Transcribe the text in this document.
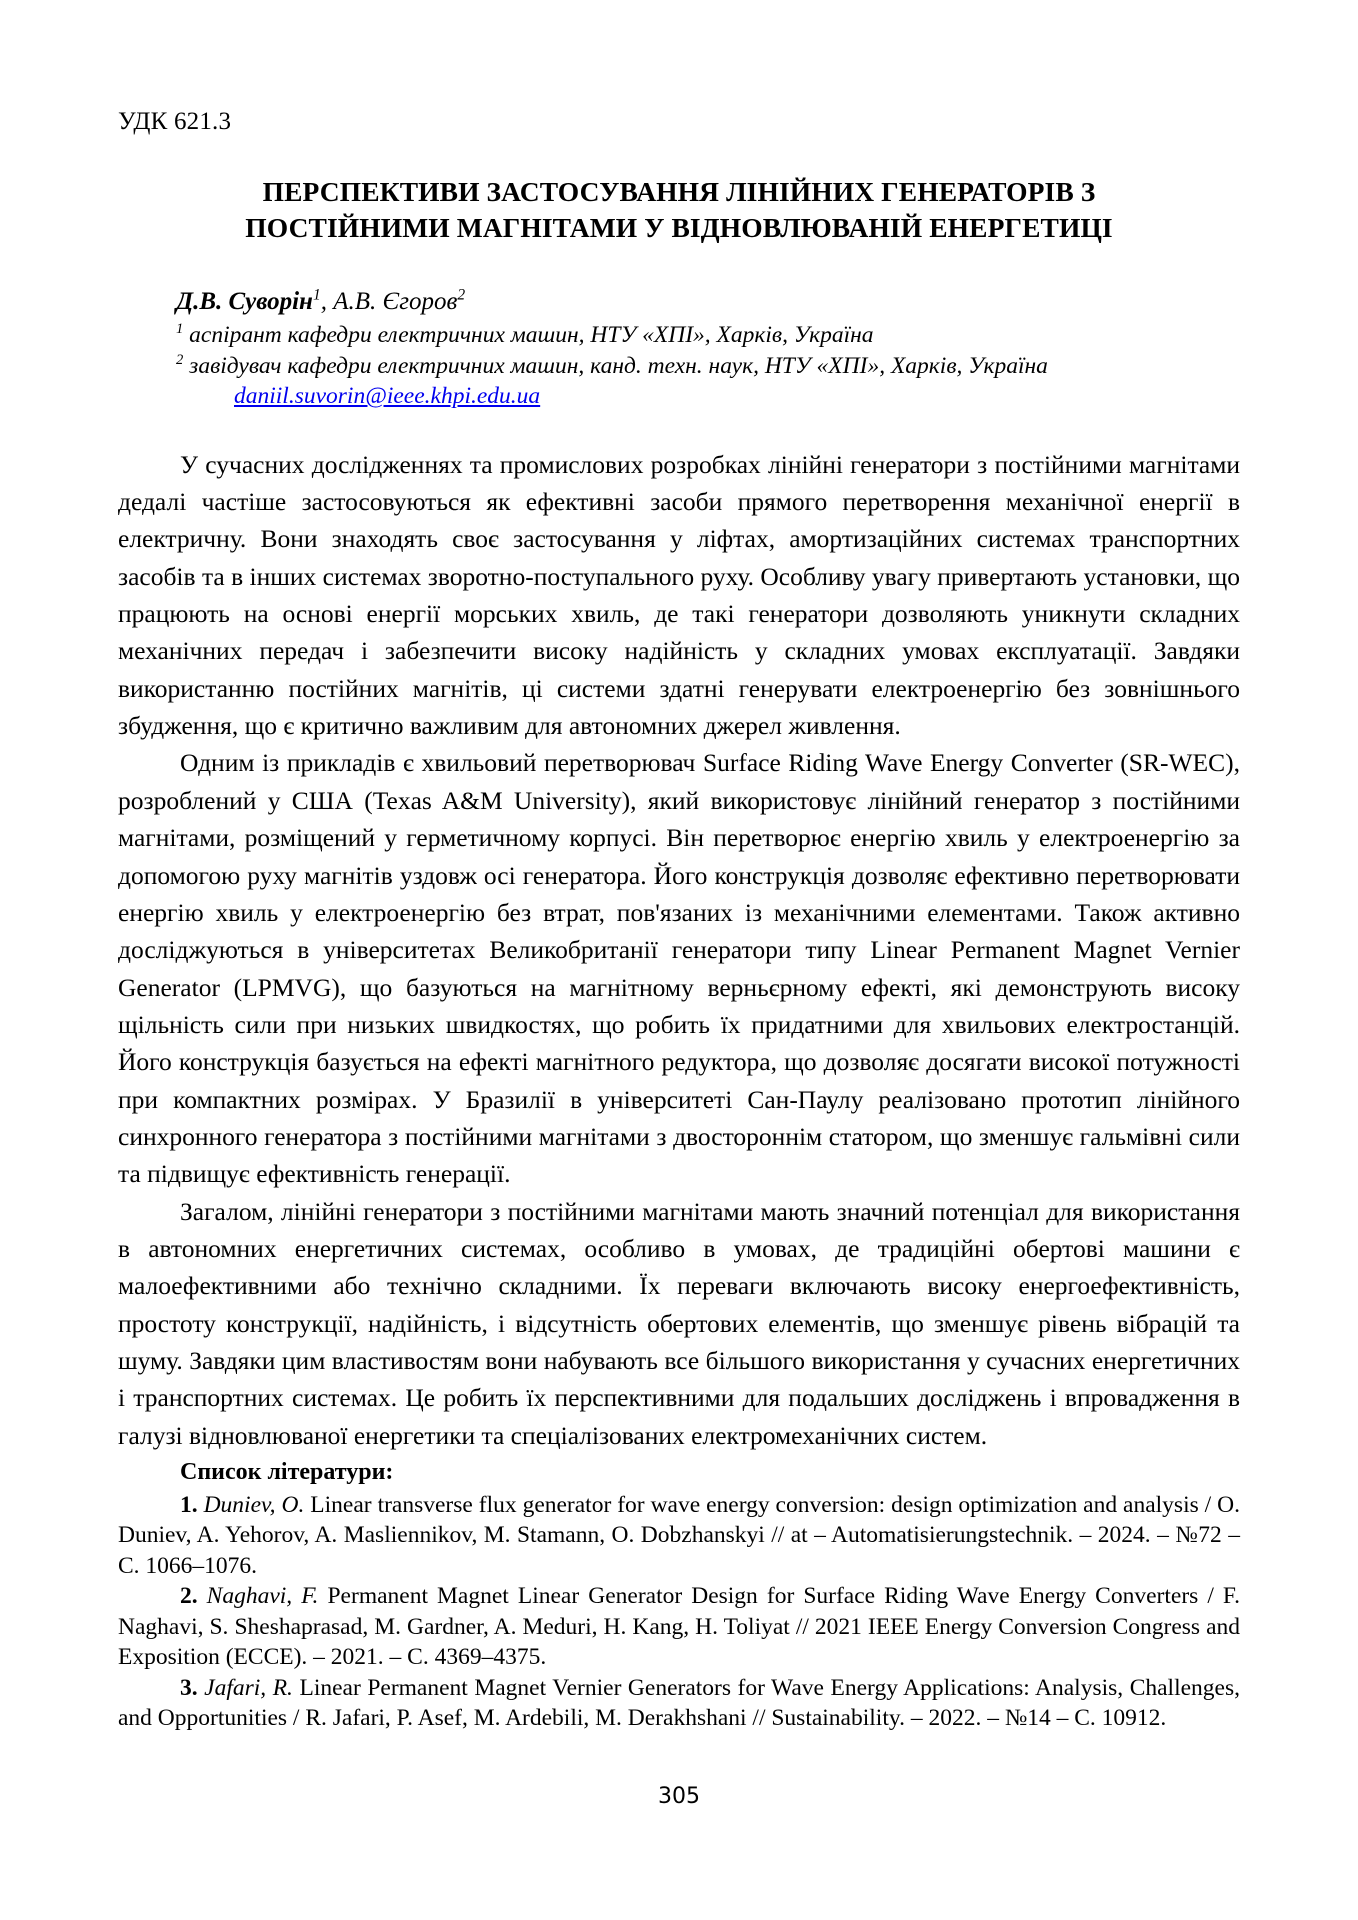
УДК 621.3
ПЕРСПЕКТИВИ ЗАСТОСУВАННЯ ЛІНІЙНИХ ГЕНЕРАТОРІВ З
ПОСТІЙНИМИ МАГНІТАМИ У ВІДНОВЛЮВАНІЙ ЕНЕРГЕТИЦІ
Д.В. Суворін$^1$, А.В. Єгоров$^2$
$^1$ аспірант кафедри електричних машин, НТУ «ХПІ», Харків, Україна
$^2$ завідувач кафедри електричних машин, канд. техн. наук, НТУ «ХПІ», Харків, Україна
daniil.suvorin@ieee.khpi.edu.ua

У сучасних дослідженнях та промислових розробках лінійні генератори з постійними магнітами дедалі частіше застосовуються як ефективні засоби прямого перетворення механічної енергії в електричну. Вони знаходять своє застосування у ліфтах, амортизаційних системах транспортних засобів та в інших системах зворотно-поступального руху. Особливу увагу привертають установки, що працюють на основі енергії морських хвиль, де такі генератори дозволяють уникнути складних механічних передач і забезпечити високу надійність у складних умовах експлуатації. Завдяки використанню постійних магнітів, ці системи здатні генерувати електроенергію без зовнішнього збудження, що є критично важливим для автономних джерел живлення.

Одним із прикладів є хвильовий перетворювач Surface Riding Wave Energy Converter (SR-WEC), розроблений у США (Texas A&M University), який використовує лінійний генератор з постійними магнітами, розміщений у герметичному корпусі. Він перетворює енергію хвиль у електроенергію за допомогою руху магнітів уздовж осі генератора. Його конструкція дозволяє ефективно перетворювати енергію хвиль у електроенергію без втрат, пов'язаних із механічними елементами. Також активно досліджуються в університетах Великобританії генератори типу Linear Permanent Magnet Vernier Generator (LPMVG), що базуються на магнітному верньєрному ефекті, які демонструють високу щільність сили при низьких швидкостях, що робить їх придатними для хвильових електростанцій. Його конструкція базується на ефекті магнітного редуктора, що дозволяє досягати високої потужності при компактних розмірах. У Бразилії в університеті Сан-Паулу реалізовано прототип лінійного синхронного генератора з постійними магнітами з двостороннім статором, що зменшує гальмівні сили та підвищує ефективність генерації.

Загалом, лінійні генератори з постійними магнітами мають значний потенціал для використання в автономних енергетичних системах, особливо в умовах, де традиційні обертові машини є малоефективними або технічно складними. Їх переваги включають високу енергоефективність, простоту конструкції, надійність, і відсутність обертових елементів, що зменшує рівень вібрацій та шуму. Завдяки цим властивостям вони набувають все більшого використання у сучасних енергетичних і транспортних системах. Це робить їх перспективними для подальших досліджень і впровадження в галузі відновлюваної енергетики та спеціалізованих електромеханічних систем.

Список літератури:

1. Duniev, O. Linear transverse flux generator for wave energy conversion: design optimization and analysis / O. Duniev, A. Yehorov, A. Masliennikov, M. Stamann, O. Dobzhanskyi // at – Automatisierungstechnik. – 2024. – №72 – С. 1066–1076.

2. Naghavi, F. Permanent Magnet Linear Generator Design for Surface Riding Wave Energy Converters / F. Naghavi, S. Sheshaprasad, M. Gardner, A. Meduri, H. Kang, H. Toliyat // 2021 IEEE Energy Conversion Congress and Exposition (ECCE). – 2021. – С. 4369–4375.

3. Jafari, R. Linear Permanent Magnet Vernier Generators for Wave Energy Applications: Analysis, Challenges, and Opportunities / R. Jafari, P. Asef, M. Ardebili, M. Derakhshani // Sustainability. – 2022. – №14 – С. 10912.

305
